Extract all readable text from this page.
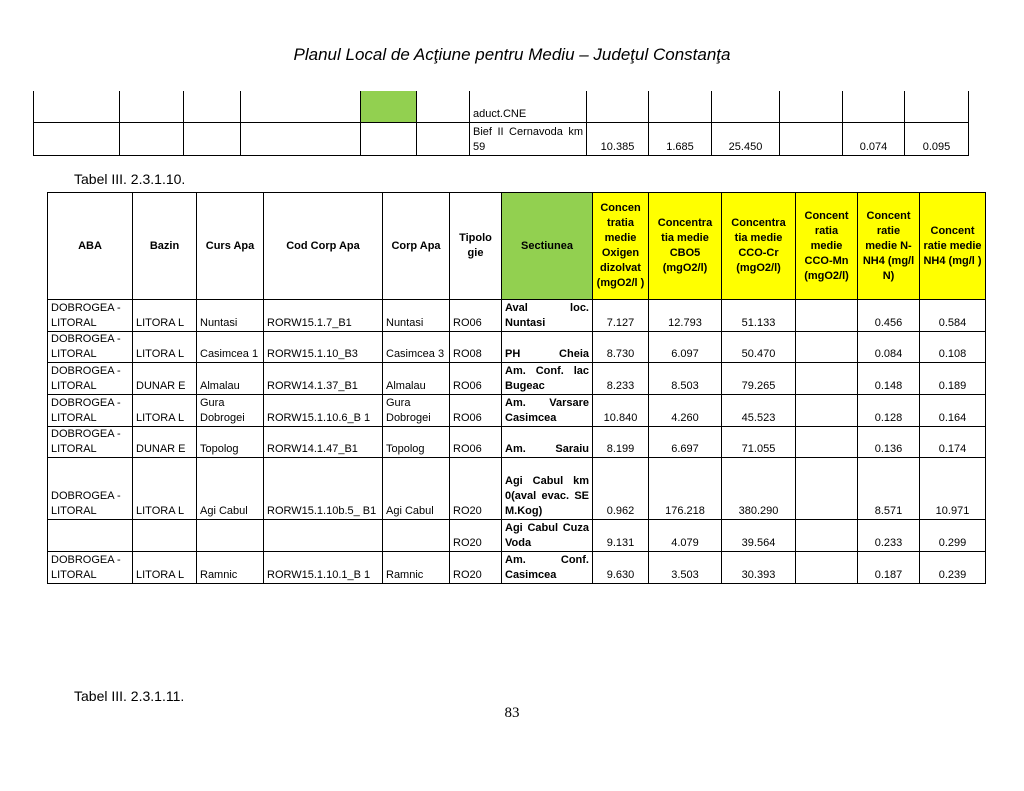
Planul Local de Acţiune pentru Mediu – Judeţul Constanţa
						aduct.CNE						
						Bief II Cernavoda km 59	10.385	1.685	25.450		0.074	0.095
Tabel III. 2.3.1.10.
ABA	Bazin	Curs Apa	Cod Corp Apa	Corp Apa	Tipolo gie	Sectiunea	Concen tratia medie Oxigen dizolvat (mgO2/l )	Concentra tia medie CBO5 (mgO2/l)	Concentra tia medie CCO-Cr (mgO2/l)	Concent ratia medie CCO-Mn (mgO2/l)	Concent ratie medie N-NH4 (mg/l N)	Concent ratie medie NH4 (mg/l )
DOBROGEA -LITORAL	LITORA L	Nuntasi	RORW15.1.7_B1	Nuntasi	RO06	Aval loc. Nuntasi	7.127	12.793	51.133		0.456	0.584
DOBROGEA -LITORAL	LITORA L	Casimcea 1	RORW15.1.10_B3	Casimcea 3	RO08	PH Cheia	8.730	6.097	50.470		0.084	0.108
DOBROGEA -LITORAL	DUNAR E	Almalau	RORW14.1.37_B1	Almalau	RO06	Am. Conf. lac Bugeac	8.233	8.503	79.265		0.148	0.189
DOBROGEA -LITORAL	LITORA L	Gura Dobrogei	RORW15.1.10.6_B 1	Gura Dobrogei	RO06	Am. Varsare Casimcea	10.840	4.260	45.523		0.128	0.164
DOBROGEA -LITORAL	DUNAR E	Topolog	RORW14.1.47_B1	Topolog	RO06	Am. Saraiu	8.199	6.697	71.055		0.136	0.174
DOBROGEA -LITORAL	LITORA L	Agi Cabul	RORW15.1.10b.5_ B1	Agi Cabul	RO20	Agi Cabul km 0(aval evac. SE M.Kog)	0.962	176.218	380.290		8.571	10.971
					RO20	Agi Cabul Cuza Voda	9.131	4.079	39.564		0.233	0.299
DOBROGEA -LITORAL	LITORA L	Ramnic	RORW15.1.10.1_B 1	Ramnic	RO20	Am. Conf. Casimcea	9.630	3.503	30.393		0.187	0.239
Tabel III. 2.3.1.11.
83
